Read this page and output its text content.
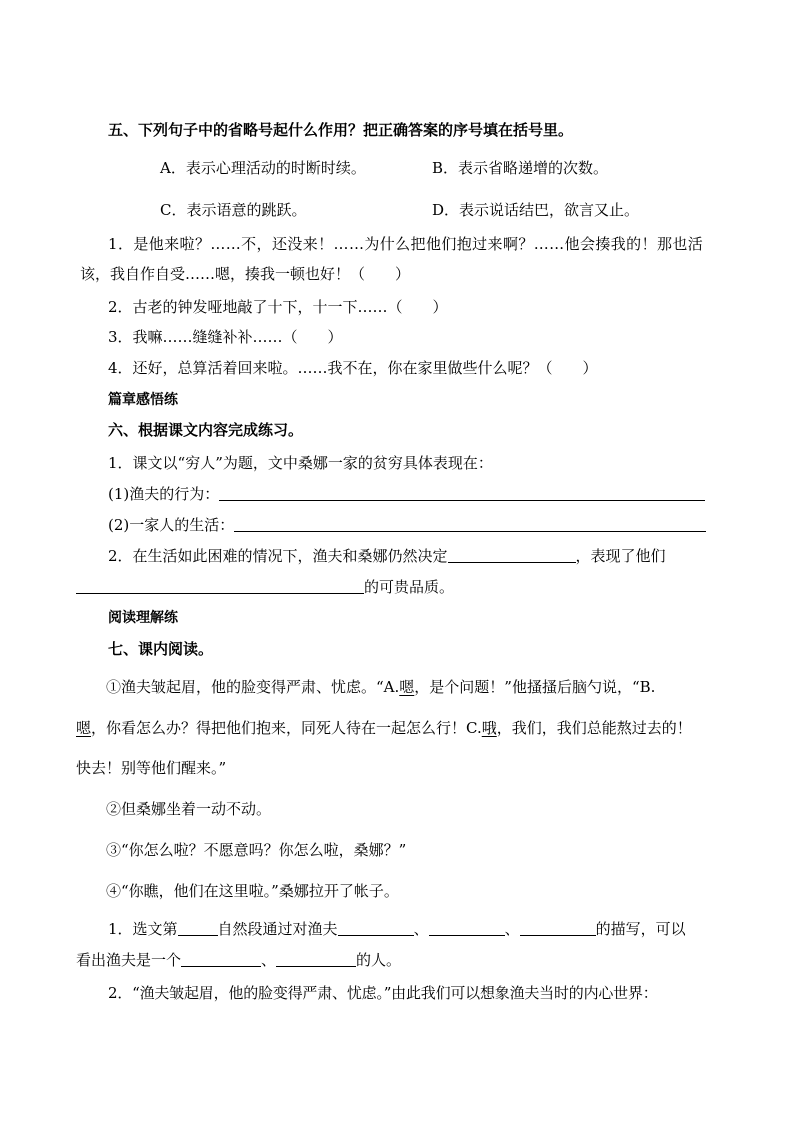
五、下列句子中的省略号起什么作用？把正确答案的序号填在括号里。
A．表示心理活动的时断时续。	B．表示省略递增的次数。
C．表示语意的跳跃。	D．表示说话结巴，欲言又止。
1．是他来啦？……不，还没来！……为什么把他们抱过来啊？……他会揍我的！那也活
该，我自作自受……嗯，揍我一顿也好！（　　）
2．古老的钟发哑地敲了十下，十一下……（　　）
3．我嘛……缝缝补补……（　　）
4．还好，总算活着回来啦。……我不在，你在家里做些什么呢？（　　）
篇章感悟练
六、根据课文内容完成练习。
1．课文以“穷人”为题，文中桑娜一家的贫穷具体表现在：
(1)渔夫的行为：
(2)一家人的生活：
2．在生活如此困难的情况下，渔夫和桑娜仍然决定	，表现了他们
的可贵品质。
阅读理解练
七、课内阅读。
①渔夫皱起眉，他的脸变得严肃、忧虑。“A.嗯，是个问题！”他搔搔后脑勺说，“B.
嗯，你看怎么办？得把他们抱来，同死人待在一起怎么行！C.哦，我们，我们总能熬过去的！
快去！别等他们醒来。”
②但桑娜坐着一动不动。
③“你怎么啦？不愿意吗？你怎么啦，桑娜？”
④“你瞧，他们在这里啦。”桑娜拉开了帐子。
1．选文第	自然段通过对渔夫	、	、	的描写，可以
看出渔夫是一个	、	的人。
2．“渔夫皱起眉，他的脸变得严肃、忧虑。”由此我们可以想象渔夫当时的内心世界：
